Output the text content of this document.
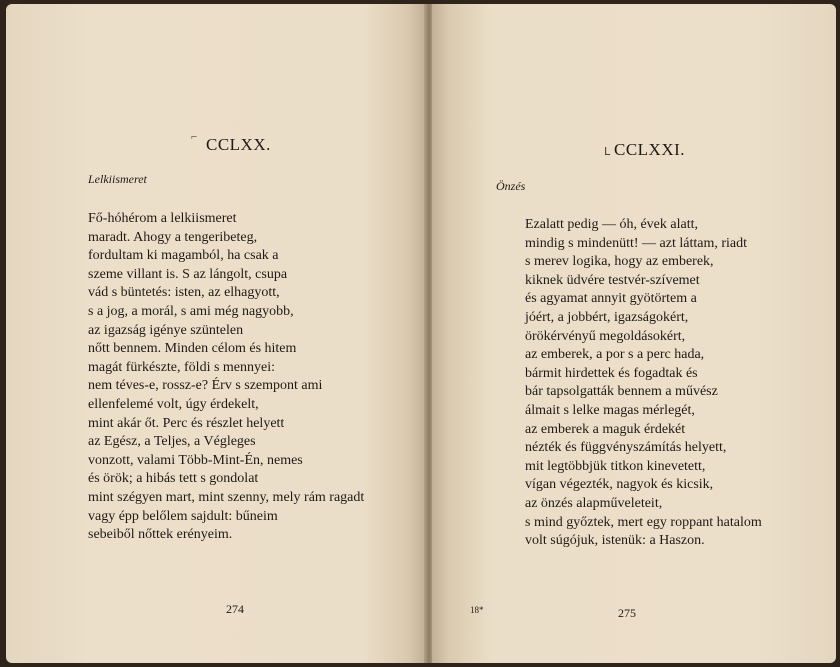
⌐ CCLXX.
Lelkiismeret
Fő-hóhérom a lelkiismeret
maradt. Ahogy a tengeribeteg,
fordultam ki magamból, ha csak a
szeme villant is. S az lángolt, csupa
vád s büntetés: isten, az elhagyott,
s a jog, a morál, s ami még nagyobb,
az igazság igénye szüntelen
nőtt bennem. Minden célom és hitem
magát fürkészte, földi s mennyei:
nem téves-e, rossz-e? Érv s szempont ami
ellenfelemé volt, úgy érdekelt,
mint akár őt. Perc és részlet helyett
az Egész, a Teljes, a Végleges
vonzott, valami Több-Mint-Én, nemes
és örök; a hibás tett s gondolat
mint szégyen mart, mint szenny, mely rám ragadt
vagy épp belőlem sajdult: bűneim
sebeiből nőttek erényeim.
274
ᒪ CCLXXI.
Önzés
Ezalatt pedig — óh, évek alatt,
mindig s mindenütt! — azt láttam, riadt
s merev logika, hogy az emberek,
kiknek üdvére testvér-szívemet
és agyamat annyit gyötörtem a
jóért, a jobbért, igazságokért,
örökérvényű megoldásokért,
az emberek, a por s a perc hada,
bármit hirdettek és fogadtak és
bár tapsolgatták bennem a művész
álmait s lelke magas mérlegét,
az emberek a maguk érdekét
nézték és függvényszámítás helyett,
mit legtöbbjük titkon kinevetett,
vígan végezték, nagyok és kicsik,
az önzés alapműveleteit,
s mind győztek, mert egy roppant hatalom
volt súgójuk, istenük: a Haszon.
18*	275
